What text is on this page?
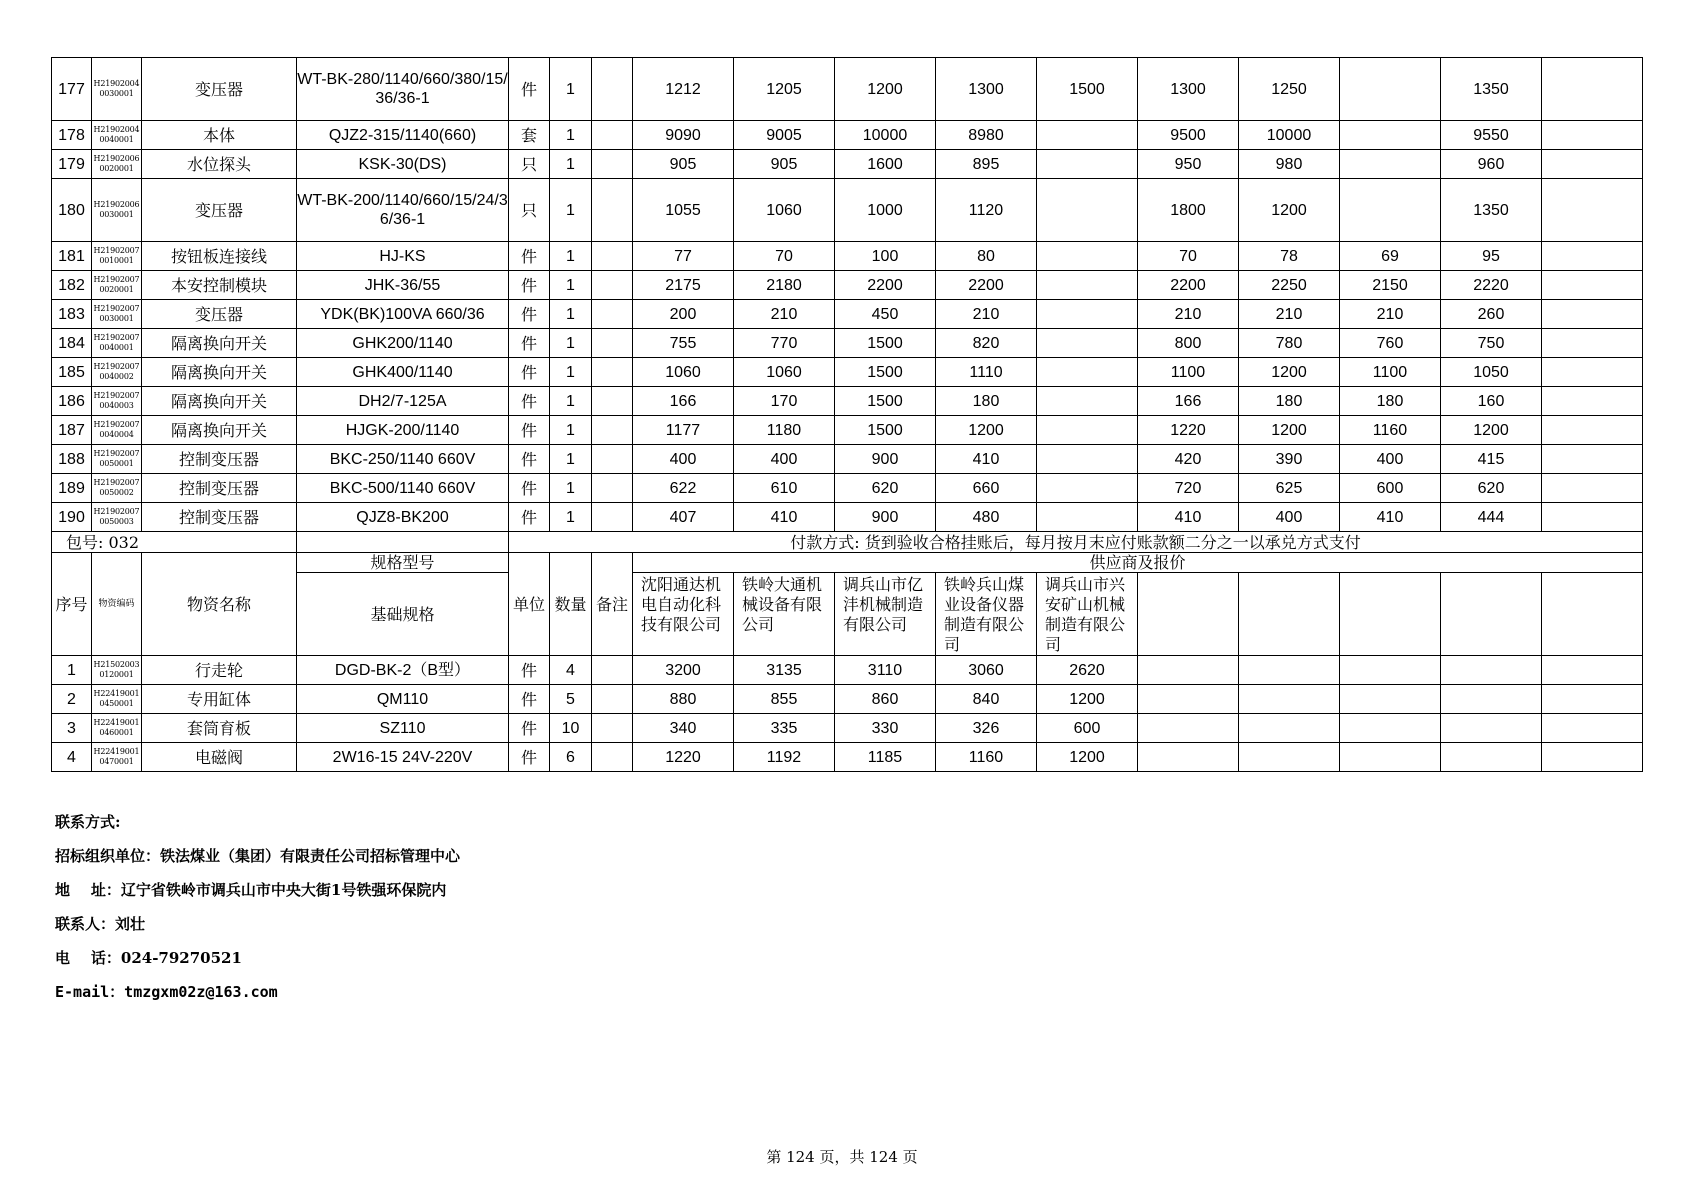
177	H21902004 0030001	变压器	WT-BK-280/1140/660/380/15/36/36-1	件	1		1212	1205	1200	1300	1500	1300	1250		1350	
178	H21902004 0040001	本体	QJZ2-315/1140(660)	套	1		9090	9005	10000	8980		9500	10000		9550	
179	H21902006 0020001	水位探头	KSK-30(DS)	只	1		905	905	1600	895		950	980		960	
180	H21902006 0030001	变压器	WT-BK-200/1140/660/15/24/36/36-1	只	1		1055	1060	1000	1120		1800	1200		1350	
181	H21902007 0010001	按钮板连接线	HJ-KS	件	1		77	70	100	80		70	78	69	95	
182	H21902007 0020001	本安控制模块	JHK-36/55	件	1		2175	2180	2200	2200		2200	2250	2150	2220	
183	H21902007 0030001	变压器	YDK(BK)100VA 660/36	件	1		200	210	450	210		210	210	210	260	
184	H21902007 0040001	隔离换向开关	GHK200/1140	件	1		755	770	1500	820		800	780	760	750	
185	H21902007 0040002	隔离换向开关	GHK400/1140	件	1		1060	1060	1500	1110		1100	1200	1100	1050	
186	H21902007 0040003	隔离换向开关	DH2/7-125A	件	1		166	170	1500	180		166	180	180	160	
187	H21902007 0040004	隔离换向开关	HJGK-200/1140	件	1		1177	1180	1500	1200		1220	1200	1160	1200	
188	H21902007 0050001	控制变压器	BKC-250/1140 660V	件	1		400	400	900	410		420	390	400	415	
189	H21902007 0050002	控制变压器	BKC-500/1140 660V	件	1		622	610	620	660		720	625	600	620	
190	H21902007 0050003	控制变压器	QJZ8-BK200	件	1		407	410	900	480		410	400	410	444	
包号: 032				付款方式: 货到验收合格挂账后，每月按月末应付账款额二分之一以承兑方式支付												
序号	物资编码	物资名称	规格型号	单位	数量	备注	供应商及报价									
			基础规格				沈阳通达机电自动化科技有限公司	铁岭大通机械设备有限公司	调兵山市亿沣机械制造有限公司	铁岭兵山煤业设备仪器制造有限公司	调兵山市兴安矿山机械制造有限公司					
1	H21502003 0120001	行走轮	DGD-BK-2（B型）	件	4		3200	3135	3110	3060	2620					
2	H22419001 0450001	专用缸体	QM110	件	5		880	855	860	840	1200					
3	H22419001 0460001	套筒育板	SZ110	件	10		340	335	330	326	600					
4	H22419001 0470001	电磁阀	2W16-15 24V-220V	件	6		1220	1192	1185	1160	1200					
联系方式:
招标组织单位：铁法煤业（集团）有限责任公司招标管理中心
地    址：辽宁省铁岭市调兵山市中央大街1号铁强环保院内
联系人：刘壮
电    话：024-79270521
E-mail：tmzgxm02z@163.com
第 124 页，共 124 页
